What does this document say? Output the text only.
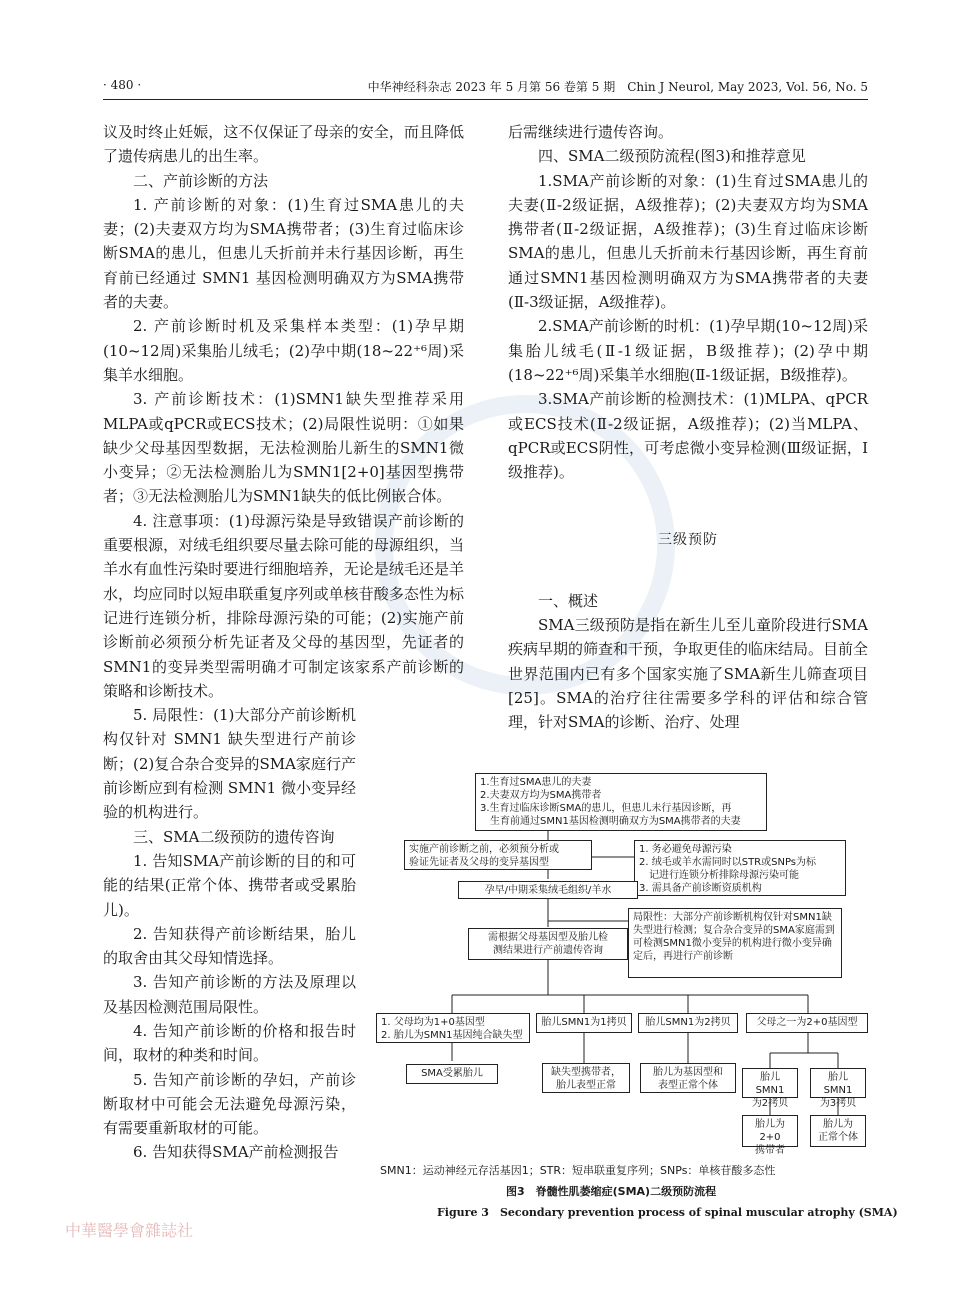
· 480 ·	中华神经科杂志 2023 年 5 月第 56 卷第 5 期　Chin J Neurol, May 2023, Vol. 56, No. 5

议及时终止妊娠，这不仅保证了母亲的安全，而且降低了遗传病患儿的出生率。

二、产前诊断的方法

1. 产前诊断的对象：(1)生育过SMA患儿的夫妻；(2)夫妻双方均为SMA携带者；(3)生育过临床诊断SMA的患儿，但患儿夭折前并未行基因诊断，再生育前已经通过 SMN1 基因检测明确双方为SMA携带者的夫妻。

2. 产前诊断时机及采集样本类型：(1)孕早期(10~12周)采集胎儿绒毛；(2)孕中期(18~22⁺⁶周)采集羊水细胞。

3. 产前诊断技术：(1)SMN1缺失型推荐采用MLPA或qPCR或ECS技术；(2)局限性说明：①如果缺少父母基因型数据，无法检测胎儿新生的SMN1微小变异；②无法检测胎儿为SMN1[2+0]基因型携带者；③无法检测胎儿为SMN1缺失的低比例嵌合体。

4. 注意事项：(1)母源污染是导致错误产前诊断的重要根源，对绒毛组织要尽量去除可能的母源组织，当羊水有血性污染时要进行细胞培养，无论是绒毛还是羊水，均应同时以短串联重复序列或单核苷酸多态性为标记进行连锁分析，排除母源污染的可能；(2)实施产前诊断前必须预分析先证者及父母的基因型，先证者的SMN1的变异类型需明确才可制定该家系产前诊断的策略和诊断技术。

5. 局限性：(1)大部分产前诊断机构仅针对 SMN1 缺失型进行产前诊断；(2)复合杂合变异的SMA家庭行产前诊断应到有检测 SMN1 微小变异经验的机构进行。

三、SMA二级预防的遗传咨询

1. 告知SMA产前诊断的目的和可能的结果(正常个体、携带者或受累胎儿)。

2. 告知获得产前诊断结果，胎儿的取舍由其父母知情选择。

3. 告知产前诊断的方法及原理以及基因检测范围局限性。

4. 告知产前诊断的价格和报告时间，取材的种类和时间。

5. 告知产前诊断的孕妇，产前诊断取材中可能会无法避免母源污染，有需要重新取材的可能。

6. 告知获得SMA产前检测报告

后需继续进行遗传咨询。

四、SMA二级预防流程(图3)和推荐意见

1.SMA产前诊断的对象：(1)生育过SMA患儿的夫妻(Ⅱ-2级证据，A级推荐)；(2)夫妻双方均为SMA携带者(Ⅱ-2级证据，A级推荐)；(3)生育过临床诊断SMA的患儿，但患儿夭折前未行基因诊断，再生育前通过SMN1基因检测明确双方为SMA携带者的夫妻(Ⅱ-3级证据，A级推荐)。

2.SMA产前诊断的时机：(1)孕早期(10~12周)采集胎儿绒毛(Ⅱ-1级证据，B级推荐)；(2)孕中期(18~22⁺⁶周)采集羊水细胞(Ⅱ-1级证据，B级推荐)。

3.SMA产前诊断的检测技术：(1)MLPA、qPCR或ECS技术(Ⅱ-2级证据，A级推荐)；(2)当MLPA、qPCR或ECS阴性，可考虑微小变异检测(Ⅲ级证据，Ⅰ级推荐)。

三级预防

一、概述

SMA三级预防是指在新生儿至儿童阶段进行SMA疾病早期的筛查和干预，争取更佳的临床结局。目前全世界范围内已有多个国家实施了SMA新生儿筛查项目[25]。SMA的治疗往往需要多学科的评估和综合管理，针对SMA的诊断、治疗、处理

1.生育过SMA患儿的夫妻
2.夫妻双方均为SMA携带者
3.生育过临床诊断SMA的患儿，但患儿未行基因诊断，再
　生育前通过SMN1基因检测明确双方为SMA携带者的夫妻
实施产前诊断之前，必须预分析或
验证先证者及父母的变异基因型
1. 务必避免母源污染
2. 绒毛或羊水需同时以STR或SNPs为标
　记进行连锁分析排除母源污染可能
3. 需具备产前诊断资质机构
孕早/中期采集绒毛组织/羊水
局限性：大部分产前诊断机构仅针对SMN1缺失型进行检测；复合杂合变异的SMA家庭需到可检测SMN1微小变异的机构进行微小变异确定后，再进行产前诊断
需根据父母基因型及胎儿检
测结果进行产前遗传咨询
1. 父母均为1+0基因型
2. 胎儿为SMN1基因纯合缺失型
胎儿SMN1为1拷贝	胎儿SMN1为2拷贝	父母之一为2+0基因型
SMA受累胎儿	缺失型携带者，
胎儿表型正常
胎儿为基因型和
表型正常个体
胎儿SMN1
为2拷贝
胎儿SMN1
为3拷贝
胎儿为2+0
携带者
胎儿为
正常个体
SMN1：运动神经元存活基因1；STR：短串联重复序列；SNPs：单核苷酸多态性
图3　脊髓性肌萎缩症(SMA)二级预防流程
Figure 3　Secondary prevention process of spinal muscular atrophy (SMA)
中華醫學會雜誌社
